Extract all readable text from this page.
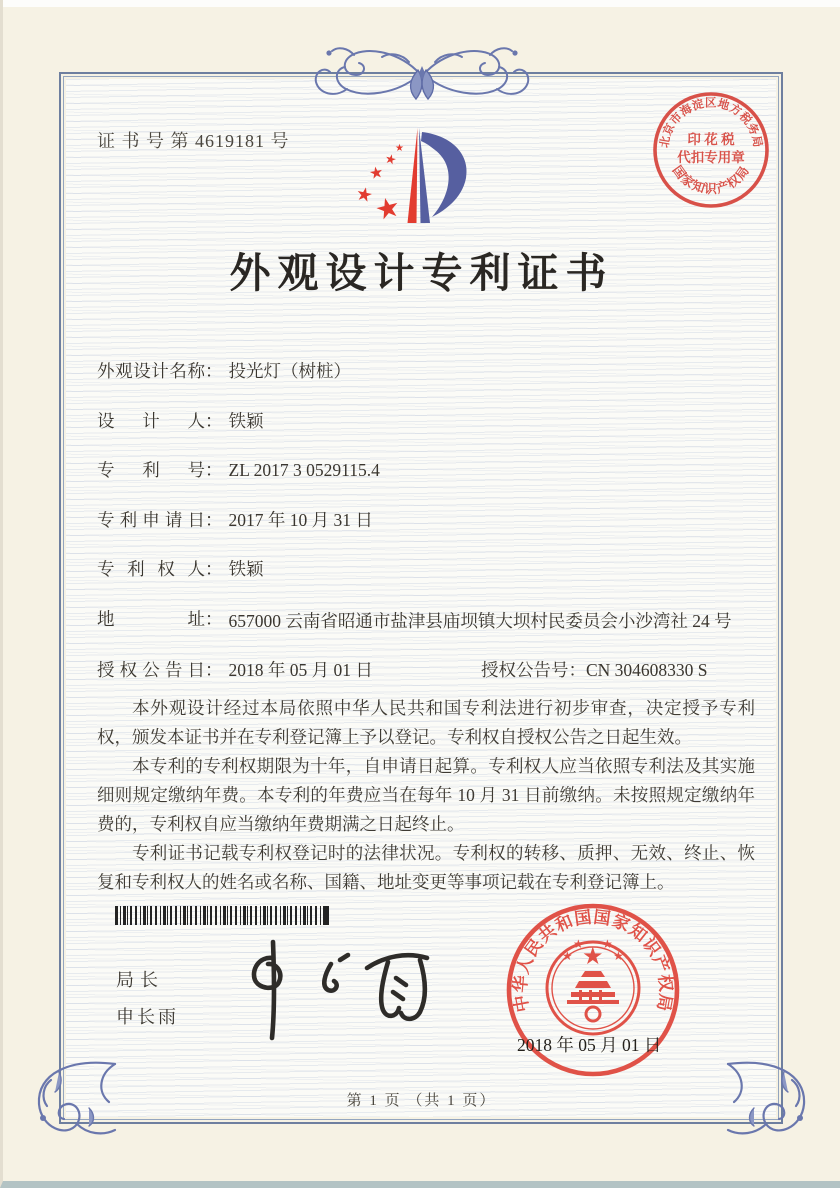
证 书 号 第 4619181 号	北京市海淀区地方税务局
国家知识产权局
印 花 税
代扣专用章
★
★
★
★
★
外观设计专利证书
外观设计名称： 投光灯（树桩）
设计人： 铁颖
专利号： ZL 2017 3 0529115.4
专利申请日： 2017 年 10 月 31 日
专利权人： 铁颖
地址： 657000 云南省昭通市盐津县庙坝镇大坝村民委员会小沙湾社 24 号
授权公告日： 2018 年 05 月 01 日	授权公告号：CN 304608330 S

本外观设计经过本局依照中华人民共和国专利法进行初步审查，决定授予专利权，颁发本证书并在专利登记簿上予以登记。专利权自授权公告之日起生效。

本专利的专利权期限为十年，自申请日起算。专利权人应当依照专利法及其实施细则规定缴纳年费。本专利的年费应当在每年 10 月 31 日前缴纳。未按照规定缴纳年费的，专利权自应当缴纳年费期满之日起终止。

专利证书记载专利权登记时的法律状况。专利权的转移、质押、无效、终止、恢复和专利权人的姓名或名称、国籍、地址变更等事项记载在专利登记簿上。

局长
申长雨
中华人民共和国国家知识产权局
★
★
★ ★
★
2018 年 05 月 01 日
第 1 页 （共 1 页）
